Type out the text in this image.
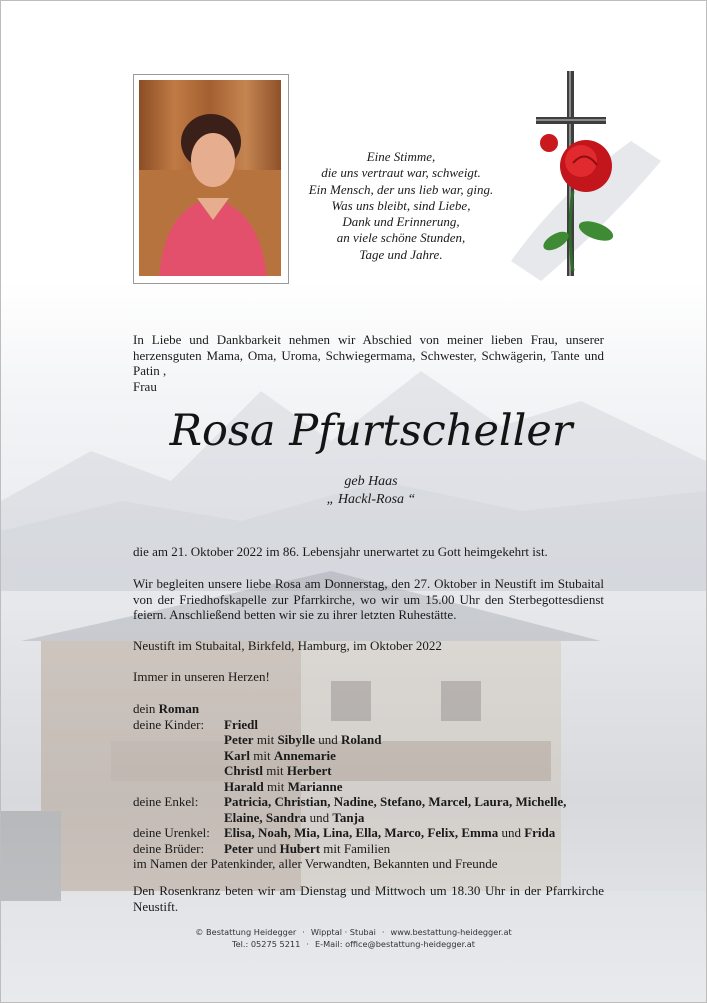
Eine Stimme,
die uns vertraut war, schweigt.
Ein Mensch, der uns lieb war, ging.
Was uns bleibt, sind Liebe,
Dank und Erinnerung,
an viele schöne Stunden,
Tage und Jahre.
In Liebe und Dankbarkeit nehmen wir Abschied von meiner lieben Frau, unserer herzensguten Mama, Oma, Uroma, Schwiegermama, Schwester, Schwägerin, Tante und Patin ,
Frau
Rosa Pfurtscheller
geb Haas
„ Hackl-Rosa “
die am 21. Oktober 2022 im 86. Lebensjahr unerwartet zu Gott heimgekehrt ist.
Wir begleiten unsere liebe Rosa am Donnerstag, den 27. Oktober in Neustift im Stubaital von der Friedhofskapelle zur Pfarrkirche, wo wir um 15.00 Uhr den Sterbegottesdienst feiern. Anschließend betten wir sie zu ihrer letzten Ruhestätte.
Neustift im Stubaital, Birkfeld, Hamburg, im Oktober 2022
Immer in unseren Herzen!
dein
Roman
deine Kinder:	Friedl
Peter mit Sibylle und Roland
Karl mit Annemarie
Christl mit Herbert
Harald mit Marianne
deine Enkel:	Patricia, Christian, Nadine, Stefano, Marcel, Laura, Michelle,
Elaine, Sandra und Tanja
deine Urenkel:	Elisa, Noah, Mia, Lina, Ella, Marco, Felix, Emma und Frida
deine Brüder:	Peter und Hubert mit Familien
im Namen der Patenkinder, aller Verwandten, Bekannten und Freunde
Den Rosenkranz beten wir am Dienstag und Mittwoch um 18.30 Uhr in der Pfarrkirche Neustift.
© Bestattung Heidegger · Wipptal · Stubai · www.bestattung-heidegger.at
Tel.: 05275 5211 · E-Mail: office@bestattung-heidegger.at
